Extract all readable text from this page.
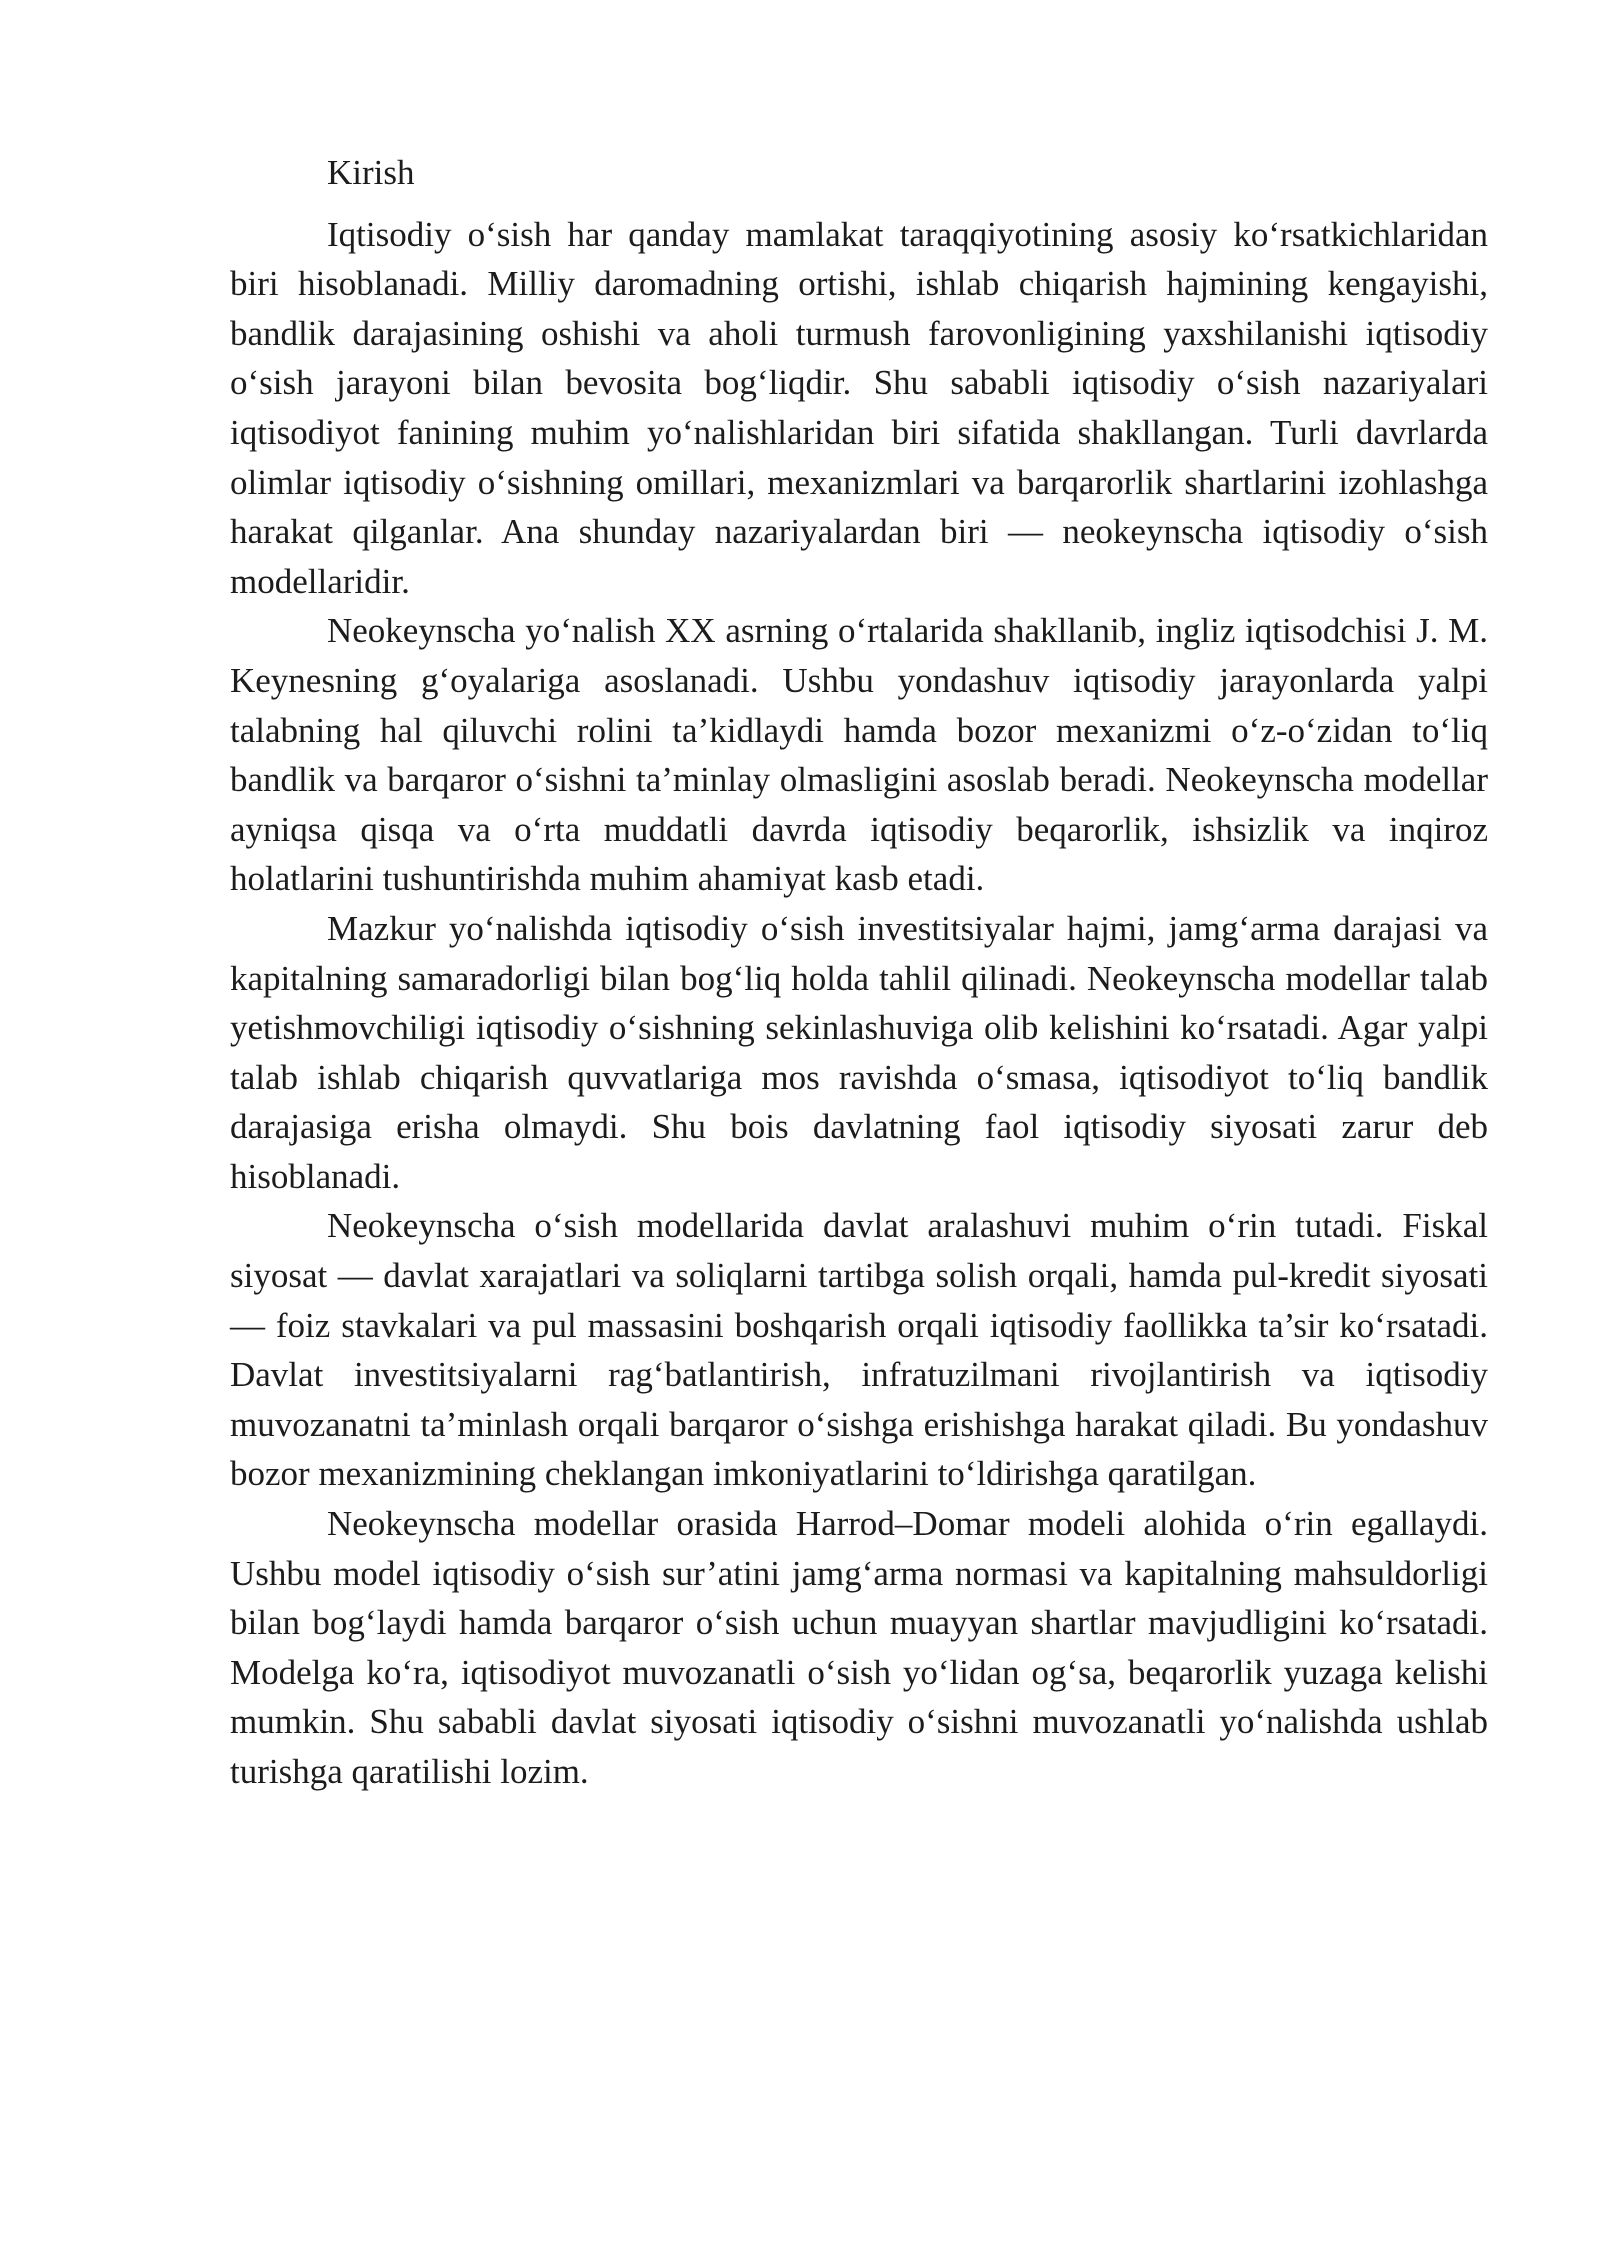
Kirish

Iqtisodiy o‘sish har qanday mamlakat taraqqiyotining asosiy ko‘rsatkichlaridan biri hisoblanadi. Milliy daromadning ortishi, ishlab chiqarish hajmining kengayishi, bandlik darajasining oshishi va aholi turmush farovonligining yaxshilanishi iqtisodiy o‘sish jarayoni bilan bevosita bog‘liqdir. Shu sababli iqtisodiy o‘sish nazariyalari iqtisodiyot fanining muhim yo‘nalishlaridan biri sifatida shakllangan. Turli davrlarda olimlar iqtisodiy o‘sishning omillari, mexanizmlari va barqarorlik shartlarini izohlashga harakat qilganlar. Ana shunday nazariyalardan biri — neokeynscha iqtisodiy o‘sish modellaridir.

Neokeynscha yo‘nalish XX asrning o‘rtalarida shakllanib, ingliz iqtisodchisi J. M. Keynesning g‘oyalariga asoslanadi. Ushbu yondashuv iqtisodiy jarayonlarda yalpi talabning hal qiluvchi rolini ta’kidlaydi hamda bozor mexanizmi o‘z-o‘zidan to‘liq bandlik va barqaror o‘sishni ta’minlay olmasligini asoslab beradi. Neokeynscha modellar ayniqsa qisqa va o‘rta muddatli davrda iqtisodiy beqarorlik, ishsizlik va inqiroz holatlarini tushuntirishda muhim ahamiyat kasb etadi.

Mazkur yo‘nalishda iqtisodiy o‘sish investitsiyalar hajmi, jamg‘arma darajasi va kapitalning samaradorligi bilan bog‘liq holda tahlil qilinadi. Neokeynscha modellar talab yetishmovchiligi iqtisodiy o‘sishning sekinlashuviga olib kelishini ko‘rsatadi. Agar yalpi talab ishlab chiqarish quvvatlariga mos ravishda o‘smasa, iqtisodiyot to‘liq bandlik darajasiga erisha olmaydi. Shu bois davlatning faol iqtisodiy siyosati zarur deb hisoblanadi.

Neokeynscha o‘sish modellarida davlat aralashuvi muhim o‘rin tutadi. Fiskal siyosat — davlat xarajatlari va soliqlarni tartibga solish orqali, hamda pul-kredit siyosati — foiz stavkalari va pul massasini boshqarish orqali iqtisodiy faollikka ta’sir ko‘rsatadi. Davlat investitsiyalarni rag‘batlantirish, infratuzilmani rivojlantirish va iqtisodiy muvozanatni ta’minlash orqali barqaror o‘sishga erishishga harakat qiladi. Bu yondashuv bozor mexanizmining cheklangan imkoniyatlarini to‘ldirishga qaratilgan.

Neokeynscha modellar orasida Harrod–Domar modeli alohida o‘rin egallaydi. Ushbu model iqtisodiy o‘sish sur’atini jamg‘arma normasi va kapitalning mahsuldorligi bilan bog‘laydi hamda barqaror o‘sish uchun muayyan shartlar mavjudligini ko‘rsatadi. Modelga ko‘ra, iqtisodiyot muvozanatli o‘sish yo‘lidan og‘sa, beqarorlik yuzaga kelishi mumkin. Shu sababli davlat siyosati iqtisodiy o‘sishni muvozanatli yo‘nalishda ushlab turishga qaratilishi lozim.
